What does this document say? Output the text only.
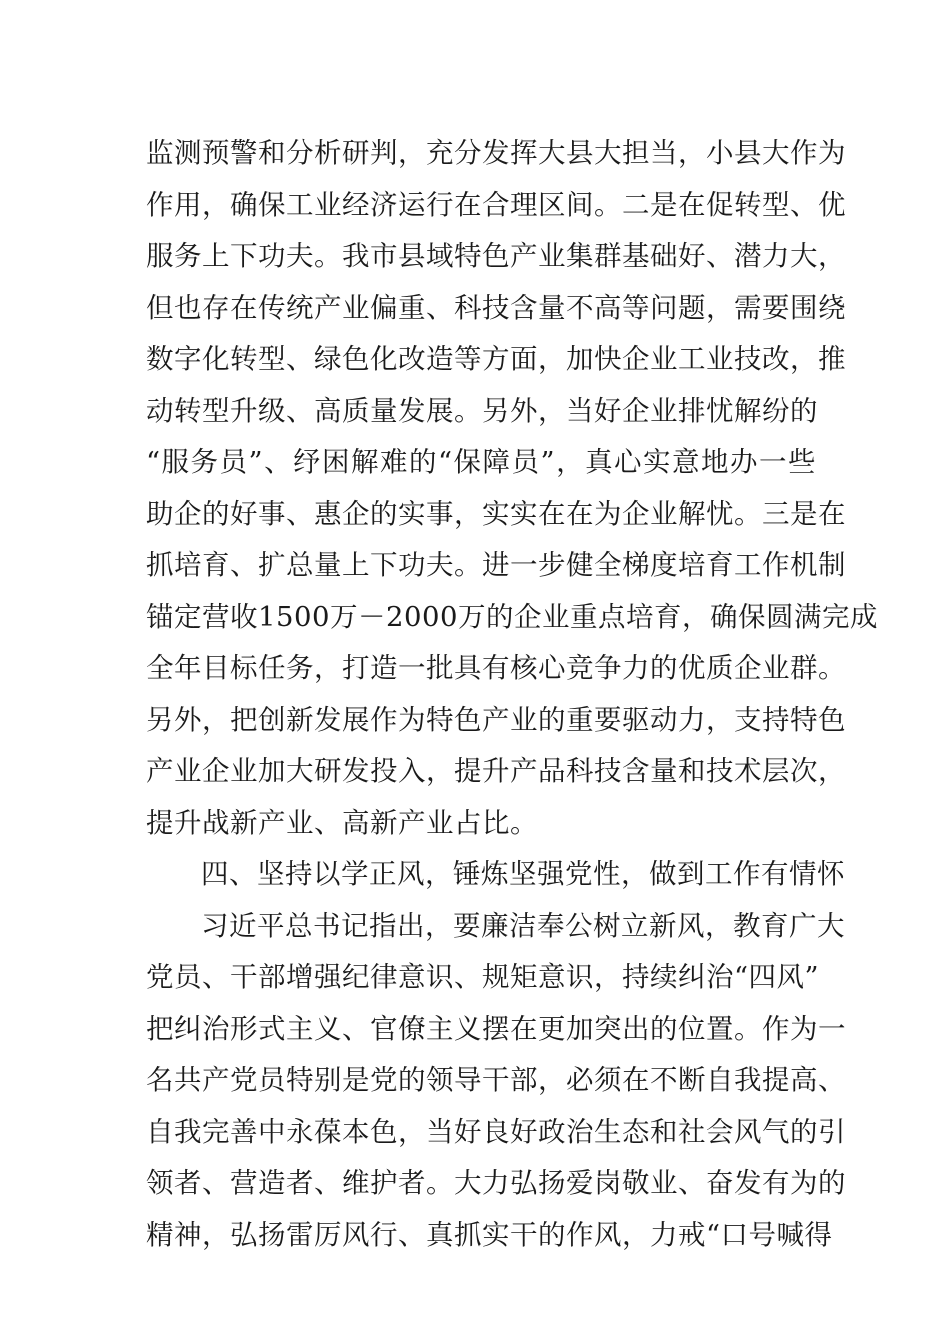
监测预警和分析研判，充分发挥大县大担当，小县大作为
作用，确保工业经济运行在合理区间。二是在促转型、优
服务上下功夫。我市县域特色产业集群基础好、潜力大，
但也存在传统产业偏重、科技含量不高等问题，需要围绕
数字化转型、绿色化改造等方面，加快企业工业技改，推
动转型升级、高质量发展。另外，当好企业排忧解纷的
“服务员”、纾困解难的“保障员”，真心实意地办一些
助企的好事、惠企的实事，实实在在为企业解忧。三是在
抓培育、扩总量上下功夫。进一步健全梯度培育工作机制
锚定营收1500万－2000万的企业重点培育，确保圆满完成
全年目标任务，打造一批具有核心竞争力的优质企业群。
另外，把创新发展作为特色产业的重要驱动力，支持特色
产业企业加大研发投入，提升产品科技含量和技术层次，
提升战新产业、高新产业占比。
四、坚持以学正风，锤炼坚强党性，做到工作有情怀
习近平总书记指出，要廉洁奉公树立新风，教育广大
党员、干部增强纪律意识、规矩意识，持续纠治“四风”
把纠治形式主义、官僚主义摆在更加突出的位置。作为一
名共产党员特别是党的领导干部，必须在不断自我提高、
自我完善中永葆本色，当好良好政治生态和社会风气的引
领者、营造者、维护者。大力弘扬爱岗敬业、奋发有为的
精神，弘扬雷厉风行、真抓实干的作风，力戒“口号喊得
